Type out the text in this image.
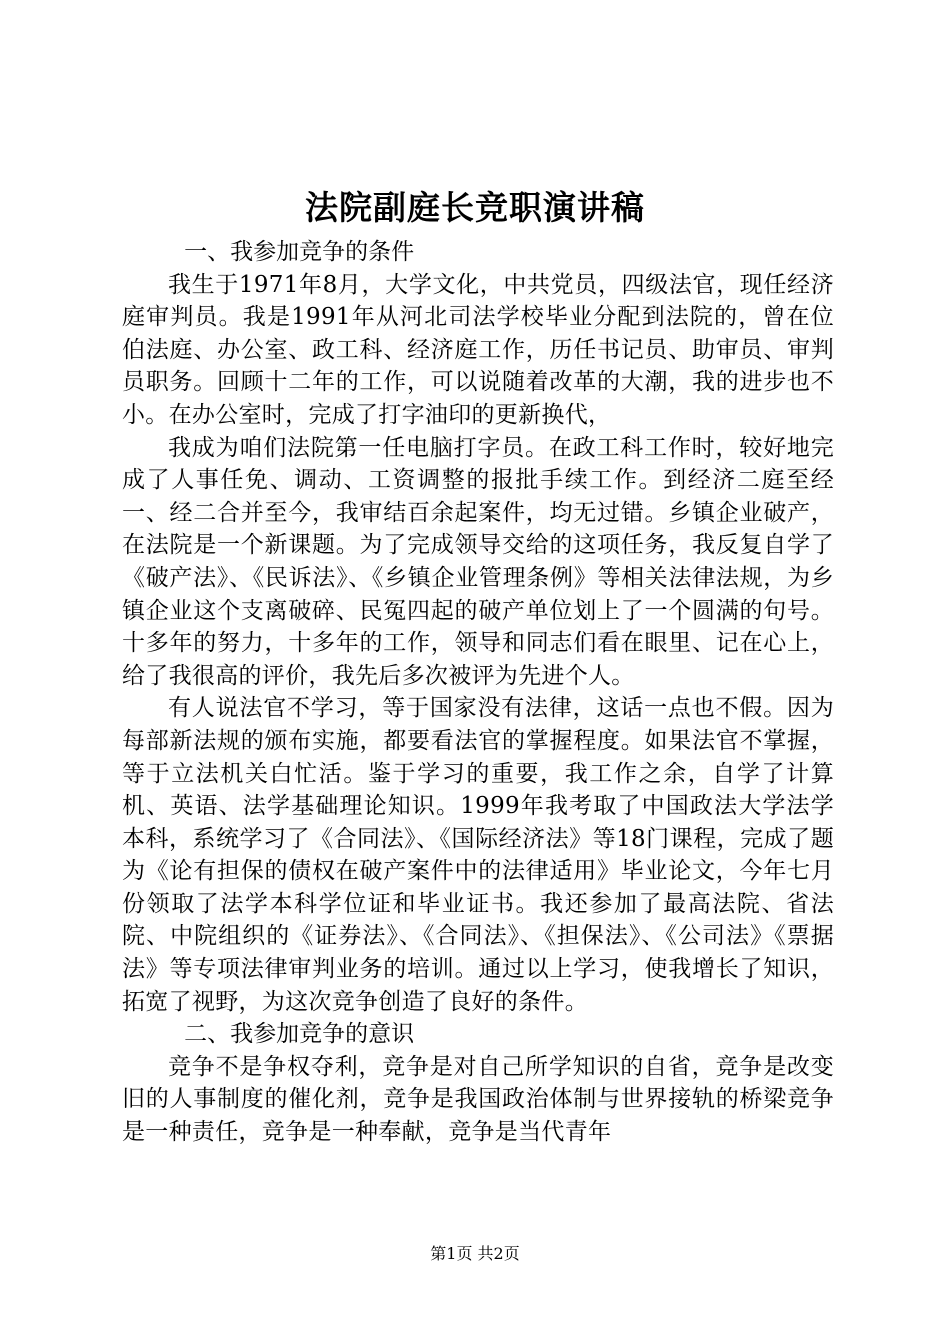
法院副庭长竞职演讲稿

一、我参加竞争的条件

我生于1971年8月，大学文化，中共党员，四级法官，现任经济庭审判员。我是1991年从河北司法学校毕业分配到法院的，曾在位伯法庭、办公室、政工科、经济庭工作，历任书记员、助审员、审判员职务。回顾十二年的工作，可以说随着改革的大潮，我的进步也不小。在办公室时，完成了打字油印的更新换代，

我成为咱们法院第一任电脑打字员。在政工科工作时，较好地完成了人事任免、调动、工资调整的报批手续工作。到经济二庭至经一、经二合并至今，我审结百余起案件，均无过错。乡镇企业破产，在法院是一个新课题。为了完成领导交给的这项任务，我反复自学了《破产法》、《民诉法》、《乡镇企业管理条例》等相关法律法规，为乡镇企业这个支离破碎、民冤四起的破产单位划上了一个圆满的句号。十多年的努力，十多年的工作，领导和同志们看在眼里、记在心上，给了我很高的评价，我先后多次被评为先进个人。

有人说法官不学习，等于国家没有法律，这话一点也不假。因为每部新法规的颁布实施，都要看法官的掌握程度。如果法官不掌握，等于立法机关白忙活。鉴于学习的重要，我工作之余，自学了计算机、英语、法学基础理论知识。1999年我考取了中国政法大学法学本科，系统学习了《合同法》、《国际经济法》等18门课程，完成了题为《论有担保的债权在破产案件中的法律适用》毕业论文，今年七月份领取了法学本科学位证和毕业证书。我还参加了最高法院、省法院、中院组织的《证券法》、《合同法》、《担保法》、《公司法》《票据法》等专项法律审判业务的培训。通过以上学习，使我增长了知识，拓宽了视野，为这次竞争创造了良好的条件。

二、我参加竞争的意识

竞争不是争权夺利，竞争是对自己所学知识的自省，竞争是改变旧的人事制度的催化剂，竞争是我国政治体制与世界接轨的桥梁竞争是一种责任，竞争是一种奉献，竞争是当代青年

第1页 共2页
